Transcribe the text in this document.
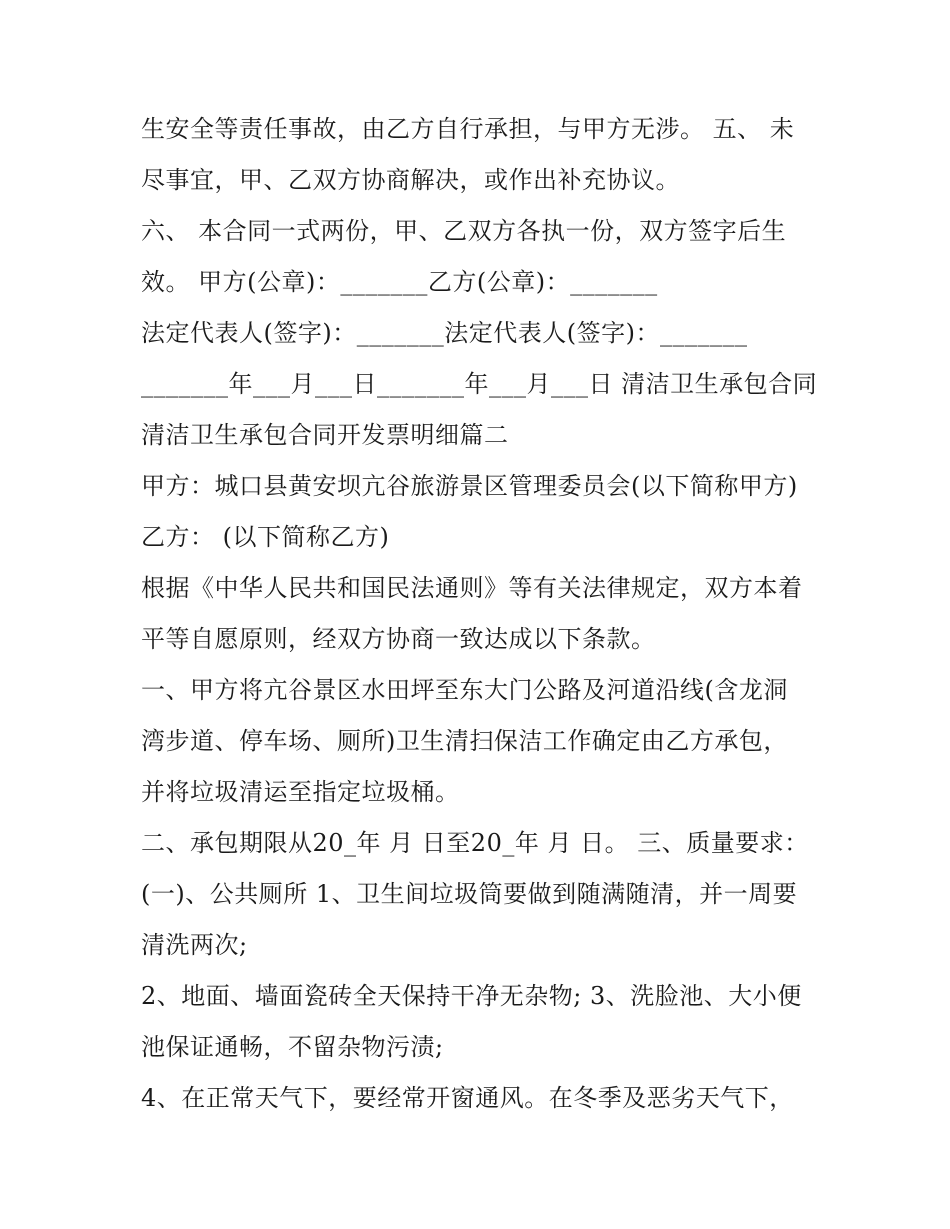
生安全等责任事故，由乙方自行承担，与甲方无涉。 五、 未
尽事宜，甲、乙双方协商解决，或作出补充协议。
六、 本合同一式两份，甲、乙双方各执一份，双方签字后生
效。 甲方(公章)：_______乙方(公章)：_______
法定代表人(签字)：_______法定代表人(签字)：_______
_______年___月___日_______年___月___日 清洁卫生承包合同
清洁卫生承包合同开发票明细篇二
甲方：城口县黄安坝亢谷旅游景区管理委员会(以下简称甲方)
乙方： (以下简称乙方)
根据《中华人民共和国民法通则》等有关法律规定，双方本着
平等自愿原则，经双方协商一致达成以下条款。
一、甲方将亢谷景区水田坪至东大门公路及河道沿线(含龙洞
湾步道、停车场、厕所)卫生清扫保洁工作确定由乙方承包，
并将垃圾清运至指定垃圾桶。
二、承包期限从20_年 月 日至20_年 月 日。 三、质量要求：
(一)、公共厕所 1、卫生间垃圾筒要做到随满随清，并一周要
清洗两次;
2、地面、墙面瓷砖全天保持干净无杂物; 3、洗脸池、大小便
池保证通畅，不留杂物污渍;
4、在正常天气下，要经常开窗通风。在冬季及恶劣天气下，
